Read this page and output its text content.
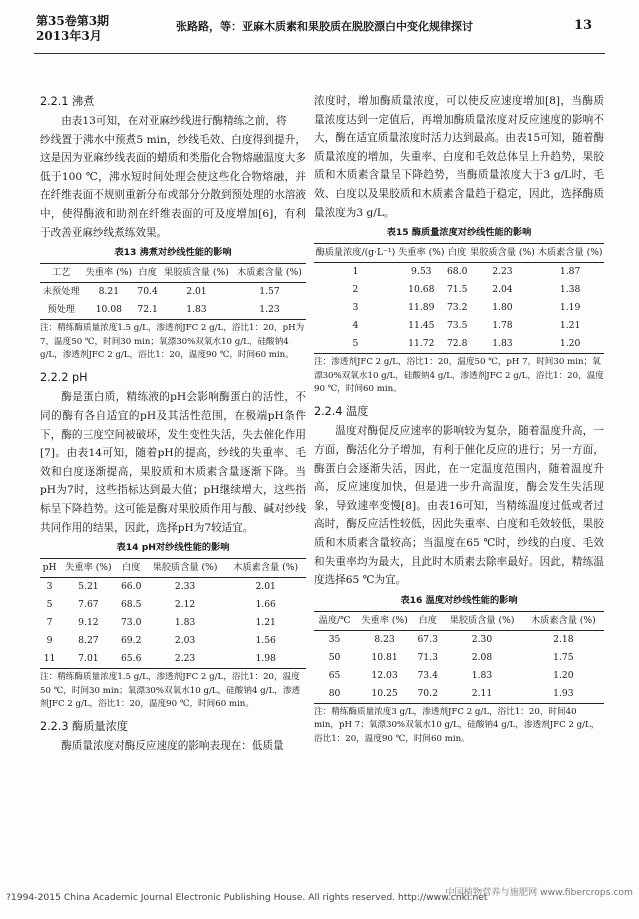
第35卷第3期
2013年3月
张路路，等：亚麻木质素和果胶质在脱胶漂白中变化规律探讨	13
2.2.1 沸煮

由表13可知，在对亚麻纱线进行酶精练之前，将

纱线置于沸水中预煮5 min，纱线毛效、白度得到提升，这是因为亚麻纱线表面的蜡质和类脂化合物熔融温度大多低于100 ℃，沸水短时间处理会使这些化合物熔融，并在纤维表面不规则重新分布或部分分散到预处理的水溶液中，使得酶液和助剂在纤维表面的可及度增加[6]，有利于改善亚麻纱线煮练效果。

表13 沸煮对纱线性能的影响
工艺	失重率 (%)	白度	果胶质含量 (%)	木质素含量 (%)
未预处理	8.21	70.4	2.01	1.57
预处理	10.08	72.1	1.83	1.23

注：精练酶质量浓度1.5 g/L，渗透剂JFC 2 g/L，浴比1：20，pH为7，温度50 ℃，时间30 min；氧漂30%双氧水10 g/L，硅酸钠4 g/L，渗透剂JFC 2 g/L，浴比1：20，温度90 ℃，时间60 min。

2.2.2 pH

酶是蛋白质，精练液的pH会影响酶蛋白的活性，不同的酶有各自适宜的pH及其活性范围，在极端pH条件下，酶的三度空间被破坏，发生变性失活，失去催化作用[7]。由表14可知，随着pH的提高，纱线的失重率、毛效和白度逐渐提高，果胶质和木质素含量逐渐下降。当pH为7时，这些指标达到最大值；pH继续增大，这些指标呈下降趋势。这可能是酶对果胶质作用与酸、碱对纱线共同作用的结果，因此，选择pH为7较适宜。

表14 pH对纱线性能的影响
pH	失重率 (%)	白度	果胶质含量 (%)	木质素含量 (%)
3	5.21	66.0	2.33	2.01
5	7.67	68.5	2.12	1.66
7	9.12	73.0	1.83	1.21
9	8.27	69.2	2.03	1.56
11	7.01	65.6	2.23	1.98

注：精练酶质量浓度1.5 g/L，渗透剂JFC 2 g/L，浴比1：20，温度50 ℃，时间30 min；氧漂30%双氧水10 g/L，硅酸钠4 g/L，渗透剂JFC 2 g/L，浴比1：20，温度90 ℃，时间60 min。

2.2.3 酶质量浓度

酶质量浓度对酶反应速度的影响表现在：低质量

浓度时，增加酶质量浓度，可以使反应速度增加[8]，当酶质量浓度达到一定值后，再增加酶质量浓度对反应速度的影响不大，酶在适宜质量浓度时活力达到最高。由表15可知，随着酶质量浓度的增加，失重率、白度和毛效总体呈上升趋势，果胶质和木质素含量呈下降趋势，当酶质量浓度大于3 g/L时，毛效、白度以及果胶质和木质素含量趋于稳定，因此，选择酶质量浓度为3 g/L。

表15 酶质量浓度对纱线性能的影响
酶质量浓度/(g·L⁻¹)	失重率 (%)	白度	果胶质含量 (%)	木质素含量 (%)
1	9.53	68.0	2.23	1.87
2	10.68	71.5	2.04	1.38
3	11.89	73.2	1.80	1.19
4	11.45	73.5	1.78	1.21
5	11.72	72.8	1.83	1.20

注：渗透剂JFC 2 g/L，浴比1：20，温度50 ℃，pH 7，时间30 min；氧漂30%双氧水10 g/L，硅酸钠4 g/L，渗透剂JFC 2 g/L，浴比1：20，温度90 ℃，时间60 min。

2.2.4 温度

温度对酶促反应速率的影响较为复杂，随着温度升高，一方面，酶活化分子增加，有利于催化反应的进行；另一方面，酶蛋白会逐渐失活，因此，在一定温度范围内，随着温度升高，反应速度加快，但是进一步升高温度，酶会发生失活现象，导致速率变慢[8]。由表16可知，当精练温度过低或者过高时，酶反应活性较低，因此失重率、白度和毛效较低，果胶质和木质素含量较高；当温度在65 ℃时，纱线的白度、毛效和失重率均为最大，且此时木质素去除率最好。因此，精练温度选择65 ℃为宜。

表16 温度对纱线性能的影响
温度/℃	失重率 (%)	白度	果胶质含量 (%)	木质素含量 (%)
35	8.23	67.3	2.30	2.18
50	10.81	71.3	2.08	1.75
65	12.03	73.4	1.83	1.20
80	10.25	70.2	2.11	1.93

注：精练酶质量浓度3 g/L，渗透剂JFC 2 g/L，浴比1：20，时间40 min，pH 7；氧漂30%双氧水10 g/L，硅酸钠4 g/L，渗透剂JFC 2 g/L，浴比1：20，温度90 ℃，时间60 min。

?1994-2015 China Academic Journal Electronic Publishing House. All rights reserved. http://www.cnki.net
中国植物营养与施肥网 www.fibercrops.com
